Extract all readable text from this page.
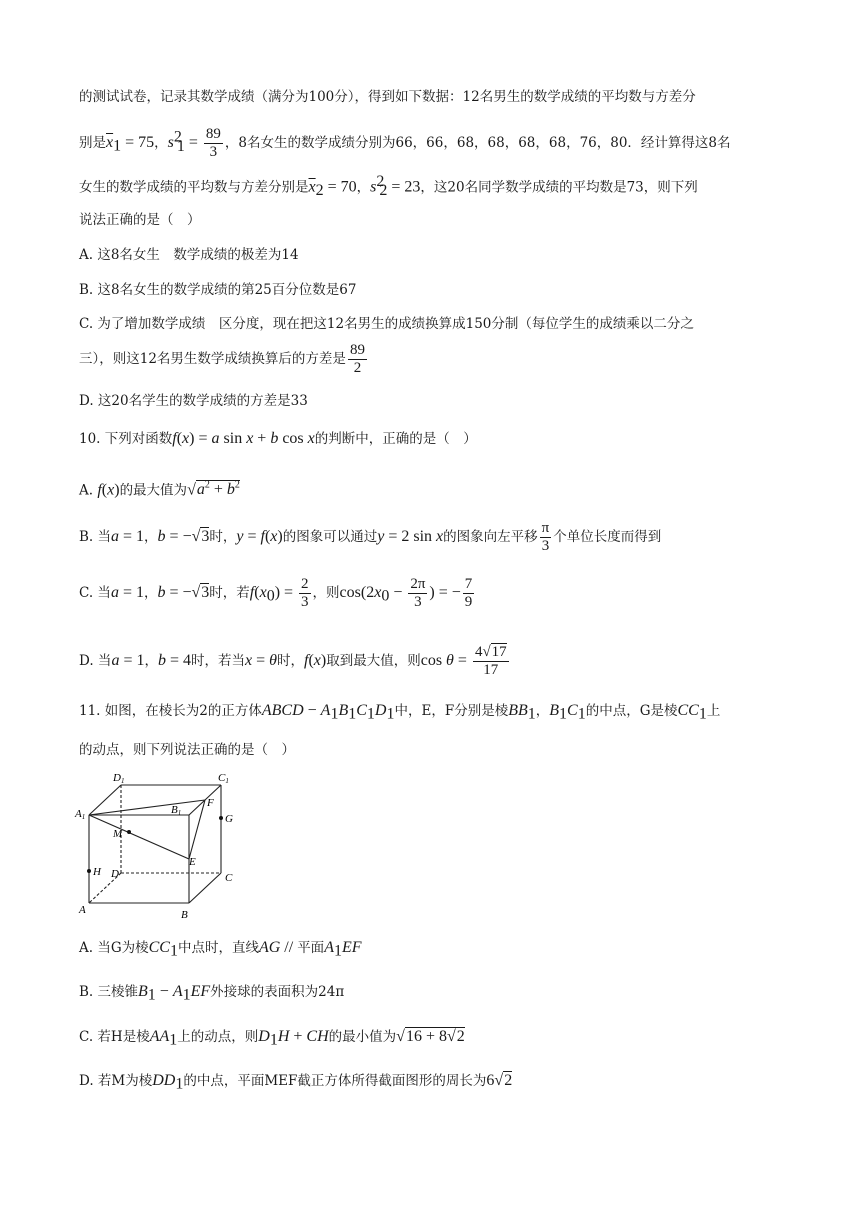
的测试试卷，记录其数学成绩（满分为100分），得到如下数据：12名男生的数学成绩的平均数与方差分
别是$\overline{x}_1 = 75$，$s^2_1 = \frac{89}{3}$ ，8名女生的数学成绩分别为66，66，68，68，68，68，76，80．经计算得这8名
女生的数学成绩的平均数与方差分别是$\overline{x}_2 = 70$，$s^2_2 = 23$，这20名同学数学成绩的平均数是73，则下列
说法正确的是（　）
A. 这8名女生　数学成绩的极差为14
B. 这8名女生的数学成绩的第25百分位数是67
C. 为了增加数学成绩　区分度，现在把这12名男生的成绩换算成150分制（每位学生的成绩乘以二分之
三），则这12名男生数学成绩换算后的方差是 $\frac{89}{2}$
D. 这20名学生的数学成绩的方差是33
10. 下列对函数f(x) = a sin x + b cos x的判断中，正确的是（　）
A. f(x)的最大值为$√a^2 + b^2$
B. 当a = 1，b = −√3时，y = f(x)的图象可以通过y = 2 sin x的图象向左平移 $\frac{\pi}{3}$ 个单位长度而得到
C. 当a = 1，b = −√3时，若$f(x_0) = \frac{2}{3}$ ，则$\cos(2x_0 - \frac{2\pi}{3}$ ) = − $\frac{7}{9}$
D. 当a = 1，b = 4时，若当x = θ时，f(x)取到最大值，则$\cos \theta = \frac{4√17}{17}$
11. 如图，在棱长为2的正方体ABCD − $A_1B_1C_1D_1$中，E，F分别是棱$BB_1$，$B_1C_1$的中点，G是棱$CC_1$上
的动点，则下列说法正确的是（　）
D1	C1
A1
B1
F
G
M
E
H D	C
A	B
A. 当G为棱$CC_1$中点时，直线AG // 平面$A_1EF$
B. 三棱锥$B_1 - A_1EF$外接球的表面积为24π
C. 若H是棱$AA_1$上的动点，则$D_1H$ + CH的最小值为√16 + 8√2
D. 若M为棱$DD_1$的中点，平面MEF截正方体所得截面图形的周长为6√2
